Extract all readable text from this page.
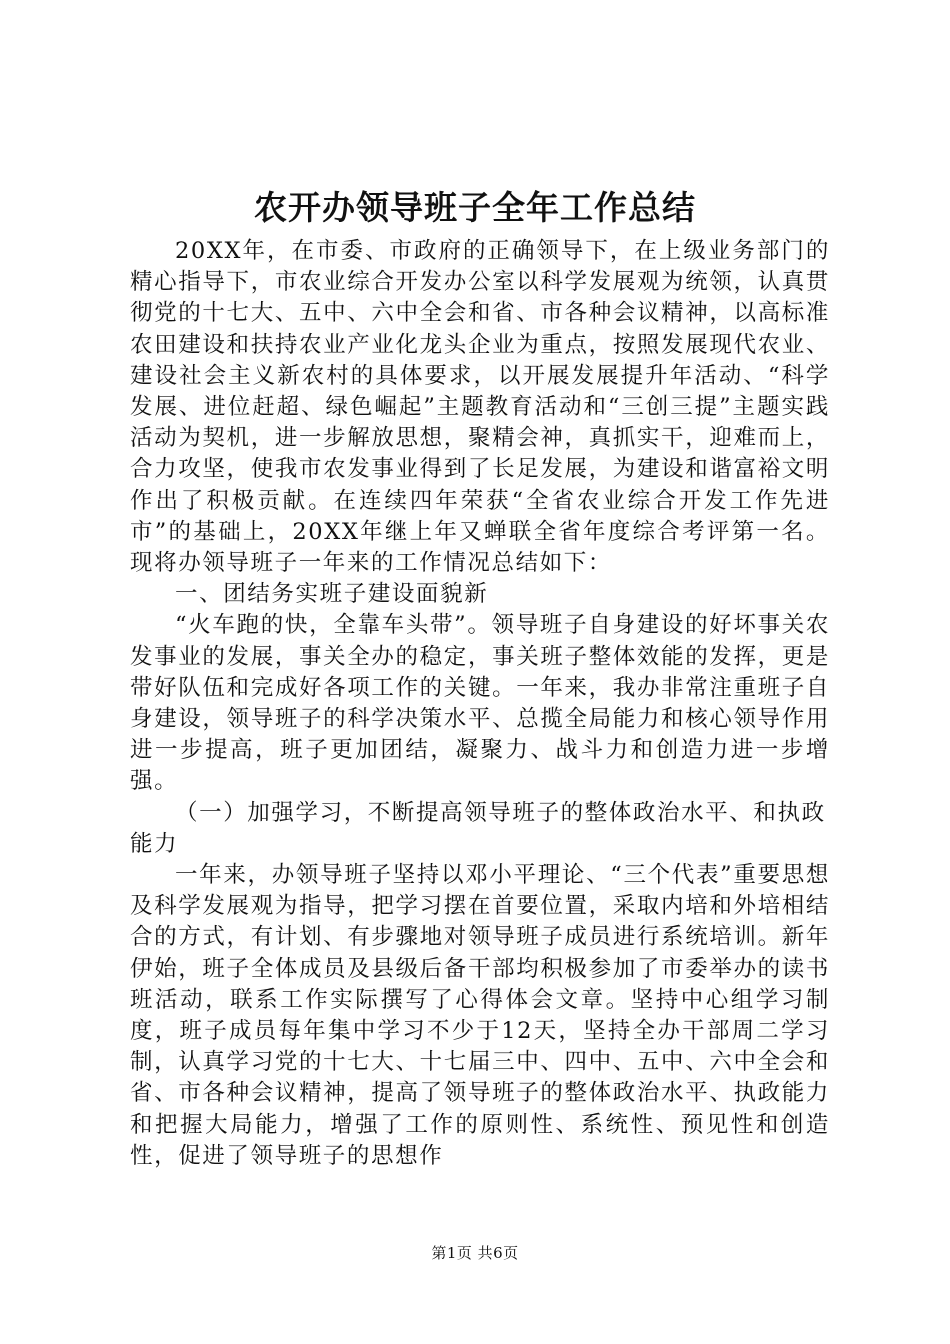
农开办领导班子全年工作总结

20XX年，在市委、市政府的正确领导下，在上级业务部门的精心指导下，市农业综合开发办公室以科学发展观为统领，认真贯彻党的十七大、五中、六中全会和省、市各种会议精神，以高标准农田建设和扶持农业产业化龙头企业为重点，按照发展现代农业、建设社会主义新农村的具体要求，以开展发展提升年活动、“科学发展、进位赶超、绿色崛起”主题教育活动和“三创三提”主题实践活动为契机，进一步解放思想，聚精会神，真抓实干，迎难而上，合力攻坚，使我市农发事业得到了长足发展，为建设和谐富裕文明作出了积极贡献。在连续四年荣获“全省农业综合开发工作先进市”的基础上，20XX年继上年又蝉联全省年度综合考评第一名。现将办领导班子一年来的工作情况总结如下：

一、团结务实班子建设面貌新

“火车跑的快，全靠车头带”。领导班子自身建设的好坏事关农发事业的发展，事关全办的稳定，事关班子整体效能的发挥，更是带好队伍和完成好各项工作的关键。一年来，我办非常注重班子自身建设，领导班子的科学决策水平、总揽全局能力和核心领导作用进一步提高，班子更加团结，凝聚力、战斗力和创造力进一步增强。

（一）加强学习，不断提高领导班子的整体政治水平、和执政能力

一年来，办领导班子坚持以邓小平理论、“三个代表”重要思想及科学发展观为指导，把学习摆在首要位置，采取内培和外培相结合的方式，有计划、有步骤地对领导班子成员进行系统培训。新年伊始，班子全体成员及县级后备干部均积极参加了市委举办的读书班活动，联系工作实际撰写了心得体会文章。坚持中心组学习制度，班子成员每年集中学习不少于12天，坚持全办干部周二学习制，认真学习党的十七大、十七届三中、四中、五中、六中全会和省、市各种会议精神，提高了领导班子的整体政治水平、执政能力和把握大局能力，增强了工作的原则性、系统性、预见性和创造性，促进了领导班子的思想作

第1页 共6页
